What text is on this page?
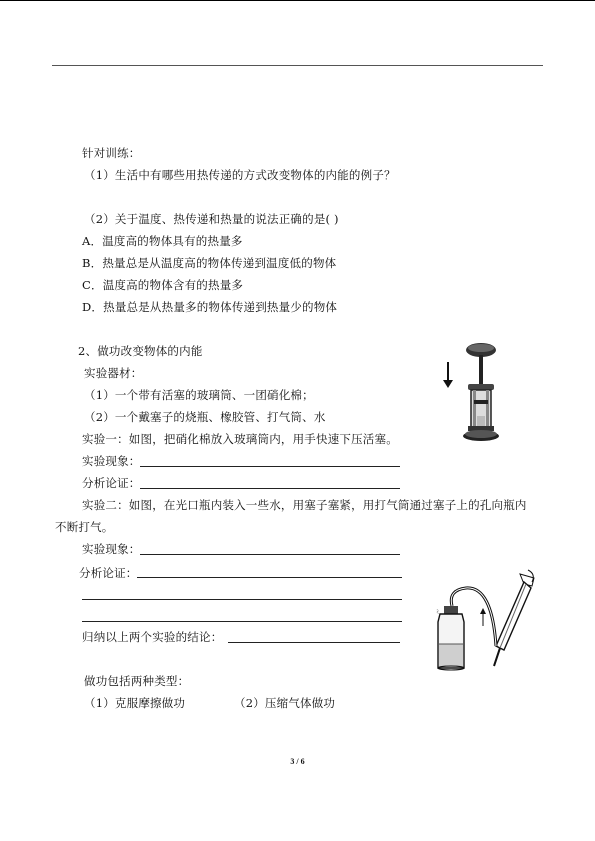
针对训练：
（1）生活中有哪些用热传递的方式改变物体的内能的例子？
（2）关于温度、热传递和热量的说法正确的是( )
A．温度高的物体具有的热量多
B．热量总是从温度高的物体传递到温度低的物体
C．温度高的物体含有的热量多
D．热量总是从热量多的物体传递到热量少的物体
2、做功改变物体的内能
实验器材：
（1）一个带有活塞的玻璃筒、一团硝化棉；
（2）一个戴塞子的烧瓶、橡胶管、打气筒、水
实验一：如图，把硝化棉放入玻璃筒内，用手快速下压活塞。
实验现象：
分析论证：
实验二：如图，在光口瓶内装入一些水，用塞子塞紧，用打气筒通过塞子上的孔向瓶内
不断打气。
实验现象：
分析论证：
归纳以上两个实验的结论：
做功包括两种类型：
（1）克服摩擦做功	（2）压缩气体做功
ﾐ
3 / 6
